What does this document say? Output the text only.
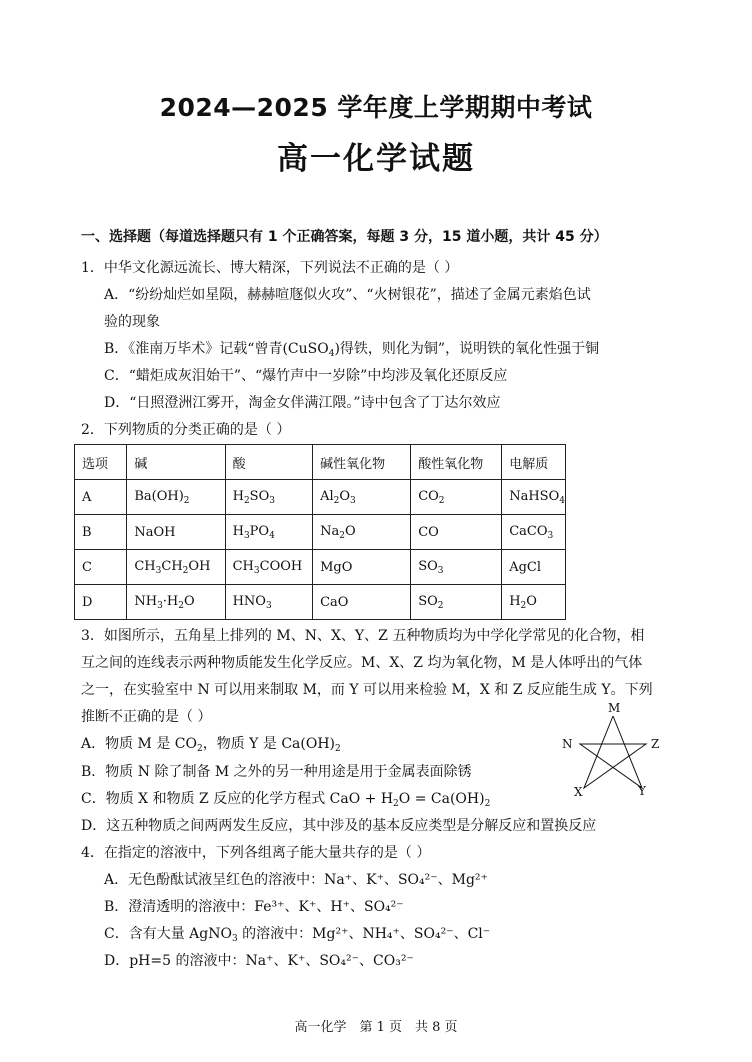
2024—2025 学年度上学期期中考试
高一化学试题
一、选择题（每道选择题只有 1 个正确答案，每题 3 分，15 道小题，共计 45 分）
1．中华文化源远流长、博大精深，下列说法不正确的是（ ）
A．“纷纷灿烂如星陨，赫赫喧豗似火攻”、“火树银花”，描述了金属元素焰色试
验的现象
B．《淮南万毕术》记载“曾青(CuSO$_4$)得铁，则化为铜”，说明铁的氧化性强于铜
C．“蜡炬成灰泪始干”、“爆竹声中一岁除”中均涉及氧化还原反应
D．“日照澄洲江雾开，淘金女伴满江隈。”诗中包含了丁达尔效应
2．下列物质的分类正确的是（ ）
选项	碱	酸	碱性氧化物	酸性氧化物	电解质
A	$Ba(OH)_2$	$H_2SO_3$	$Al_2O_3$	$CO_2$	NaHSO$_4$
B	NaOH	$H_3PO_4$	$Na_2O$	CO	CaCO$_3$
C	$CH_3CH_2OH$	$CH_3COOH$	MgO	$SO_3$	AgCl
D	$NH_3\cdot H_2O$	$HNO_3$	CaO	$SO_2$	$H_2O$
3．如图所示，五角星上排列的 M、N、X、Y、Z 五种物质均为中学化学常见的化合物，相
互之间的连线表示两种物质能发生化学反应。M、X、Z 均为氧化物，M 是人体呼出的气体
之一，在实验室中 N 可以用来制取 M，而 Y 可以用来检验 M，X 和 Z 反应能生成 Y。下列
推断不正确的是（ ）
A．物质 M 是 $CO_2$，物质 Y 是 $Ca(OH)_2$
B．物质 N 除了制备 M 之外的另一种用途是用于金属表面除锈
C．物质 X 和物质 Z 反应的化学方程式 CaO + $H_2O = Ca(OH)_2$
D．这五种物质之间两两发生反应，其中涉及的基本反应类型是分解反应和置换反应
M
N	Z
X	Y
4．在指定的溶液中，下列各组离子能大量共存的是（ ）
A．无色酚酞试液呈红色的溶液中：Na⁺、K⁺、SO₄²⁻、Mg²⁺
B．澄清透明的溶液中：Fe³⁺、K⁺、H⁺、SO₄²⁻
C．含有大量 AgNO$_3$ 的溶液中：Mg²⁺、NH₄⁺、SO₄²⁻、Cl⁻
D．pH=5 的溶液中：Na⁺、K⁺、SO₄²⁻、CO₃²⁻
高一化学　第 1 页　共 8 页
